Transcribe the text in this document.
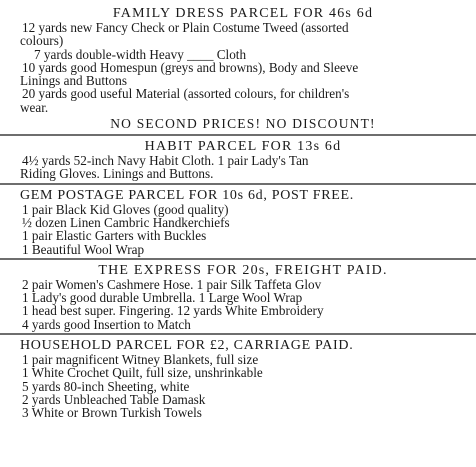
FAMILY DRESS PARCEL FOR 46s 6d

12 yards new Fancy Check or Plain Costume Tweed (assorted

colours)

7 yards double-width Heavy ____ Cloth

10 yards good Homespun (greys and browns), Body and Sleeve

Linings and Buttons

20 yards good useful Material (assorted colours, for children's

wear.

NO SECOND PRICES! NO DISCOUNT!

HABIT PARCEL FOR 13s 6d

4½ yards 52-inch Navy Habit Cloth. 1 pair Lady's Tan

Riding Gloves. Linings and Buttons.

GEM POSTAGE PARCEL FOR 10s 6d, POST FREE.

1 pair Black Kid Gloves (good quality)

½ dozen Linen Cambric Handkerchiefs

1 pair Elastic Garters with Buckles

1 Beautiful Wool Wrap

THE EXPRESS FOR 20s, FREIGHT PAID.

2 pair Women's Cashmere Hose. 1 pair Silk Taffeta Glov

1 Lady's good durable Umbrella. 1 Large Wool Wrap

1 head best super. Fingering. 12 yards White Embroidery

4 yards good Insertion to Match

HOUSEHOLD PARCEL FOR £2, CARRIAGE PAID.

1 pair magnificent Witney Blankets, full size

1 White Crochet Quilt, full size, unshrinkable

5 yards 80-inch Sheeting, white

2 yards Unbleached Table Damask

3 White or Brown Turkish Towels
